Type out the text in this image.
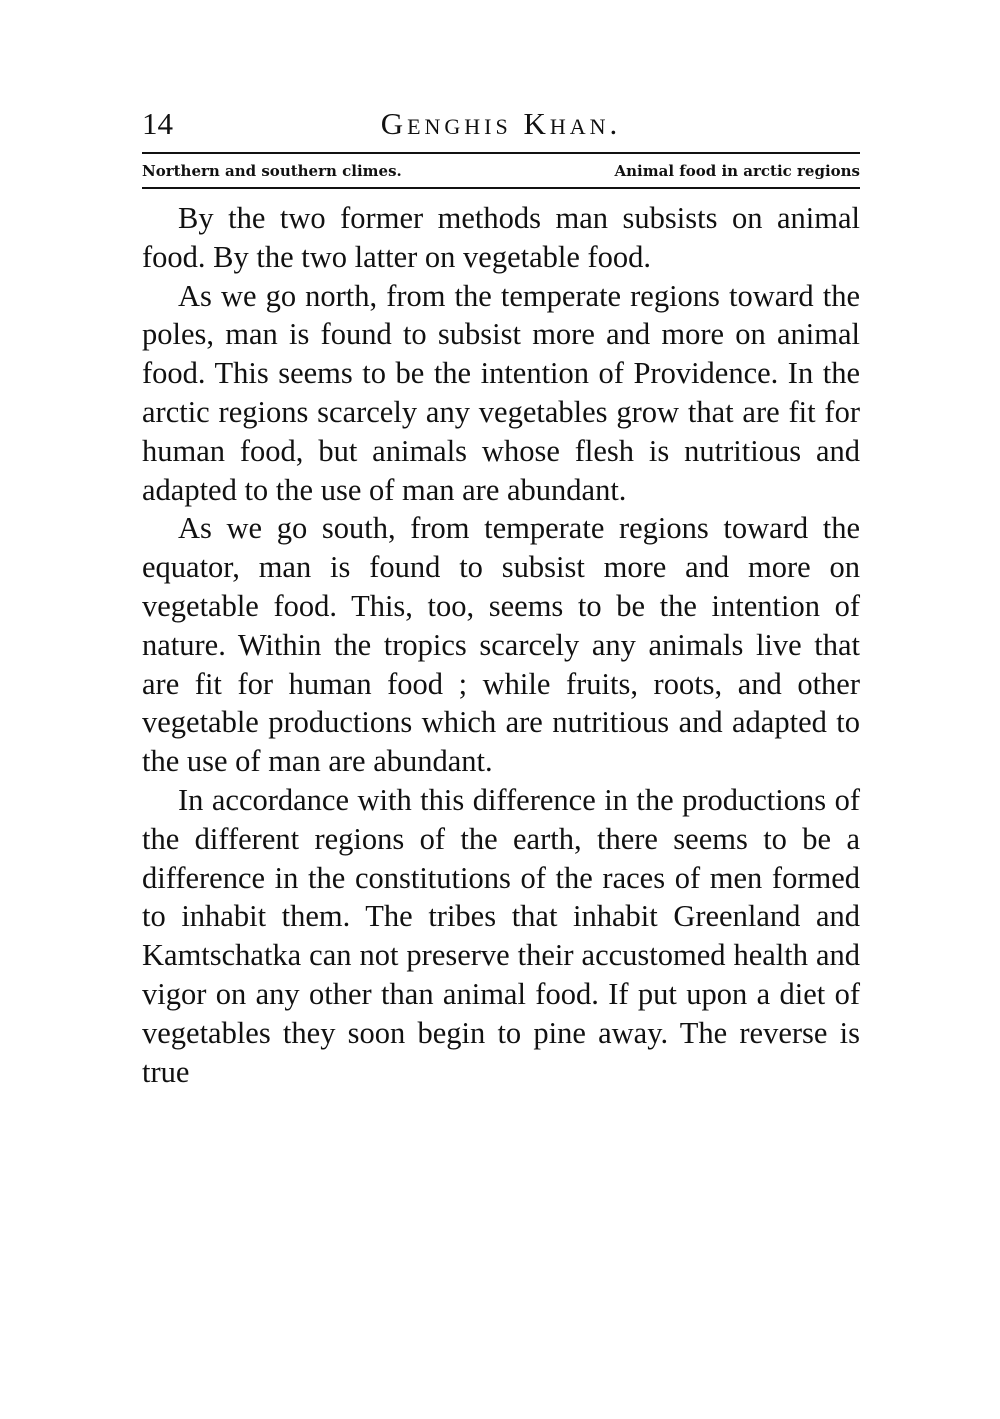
14	Genghis Khan.
Northern and southern climes.	Animal food in arctic regions

By the two former methods man subsists on animal food. By the two latter on vegetable food.

As we go north, from the temperate regions toward the poles, man is found to subsist more and more on animal food. This seems to be the intention of Providence. In the arctic regions scarcely any vegetables grow that are fit for human food, but animals whose flesh is nutritious and adapted to the use of man are abundant.

As we go south, from temperate regions toward the equator, man is found to subsist more and more on vegetable food. This, too, seems to be the intention of nature. Within the tropics scarcely any animals live that are fit for human food ; while fruits, roots, and other vegetable productions which are nutritious and adapted to the use of man are abundant.

In accordance with this difference in the productions of the different regions of the earth, there seems to be a difference in the constitutions of the races of men formed to inhabit them. The tribes that inhabit Greenland and Kamtschatka can not preserve their accustomed health and vigor on any other than animal food. If put upon a diet of vegetables they soon begin to pine away. The reverse is true
